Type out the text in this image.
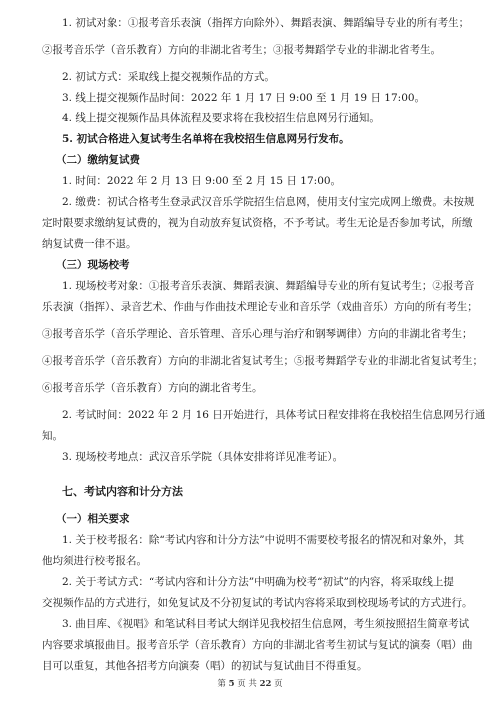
1. 初试对象：①报考音乐表演（指挥方向除外）、舞蹈表演、舞蹈编导专业的所有考生；
②报考音乐学（音乐教育）方向的非湖北省考生；③报考舞蹈学专业的非湖北省考生。
2. 初试方式：采取线上提交视频作品的方式。
3. 线上提交视频作品时间：2022 年 1 月 17 日 9:00 至 1 月 19 日 17:00。
4. 线上提交视频作品具体流程及要求将在我校招生信息网另行通知。
5. 初试合格进入复试考生名单将在我校招生信息网另行发布。
（二）缴纳复试费
1. 时间：2022 年 2 月 13 日 9:00 至 2 月 15 日 17:00。
2. 缴费：初试合格考生登录武汉音乐学院招生信息网，使用支付宝完成网上缴费。未按规
定时限要求缴纳复试费的，视为自动放弃复试资格，不予考试。考生无论是否参加考试，所缴
纳复试费一律不退。
（三）现场校考
1. 现场校考对象：①报考音乐表演、舞蹈表演、舞蹈编导专业的所有复试考生；②报考音
乐表演（指挥）、录音艺术、作曲与作曲技术理论专业和音乐学（戏曲音乐）方向的所有考生；
③报考音乐学（音乐学理论、音乐管理、音乐心理与治疗和钢琴调律）方向的非湖北省考生；
④报考音乐学（音乐教育）方向的非湖北省复试考生；⑤报考舞蹈学专业的非湖北省复试考生；
⑥报考音乐学（音乐教育）方向的湖北省考生。
2. 考试时间：2022 年 2 月 16 日开始进行，具体考试日程安排将在我校招生信息网另行通
知。
3. 现场校考地点：武汉音乐学院（具体安排将详见准考证）。
七、考试内容和计分方法
（一）相关要求
1. 关于校考报名：除“考试内容和计分方法”中说明不需要校考报名的情况和对象外，其
他均须进行校考报名。
2. 关于考试方式：“考试内容和计分方法”中明确为校考“初试”的内容，将采取线上提
交视频作品的方式进行，如免复试及不分初复试的考试内容将采取到校现场考试的方式进行。
3. 曲目库、《视唱》和笔试科目考试大纲详见我校招生信息网，考生须按照招生简章考试
内容要求填报曲目。报考音乐学（音乐教育）方向的非湖北省考生初试与复试的演奏（唱）曲
目可以重复，其他各招考方向演奏（唱）的初试与复试曲目不得重复。
第 5 页 共 22 页
